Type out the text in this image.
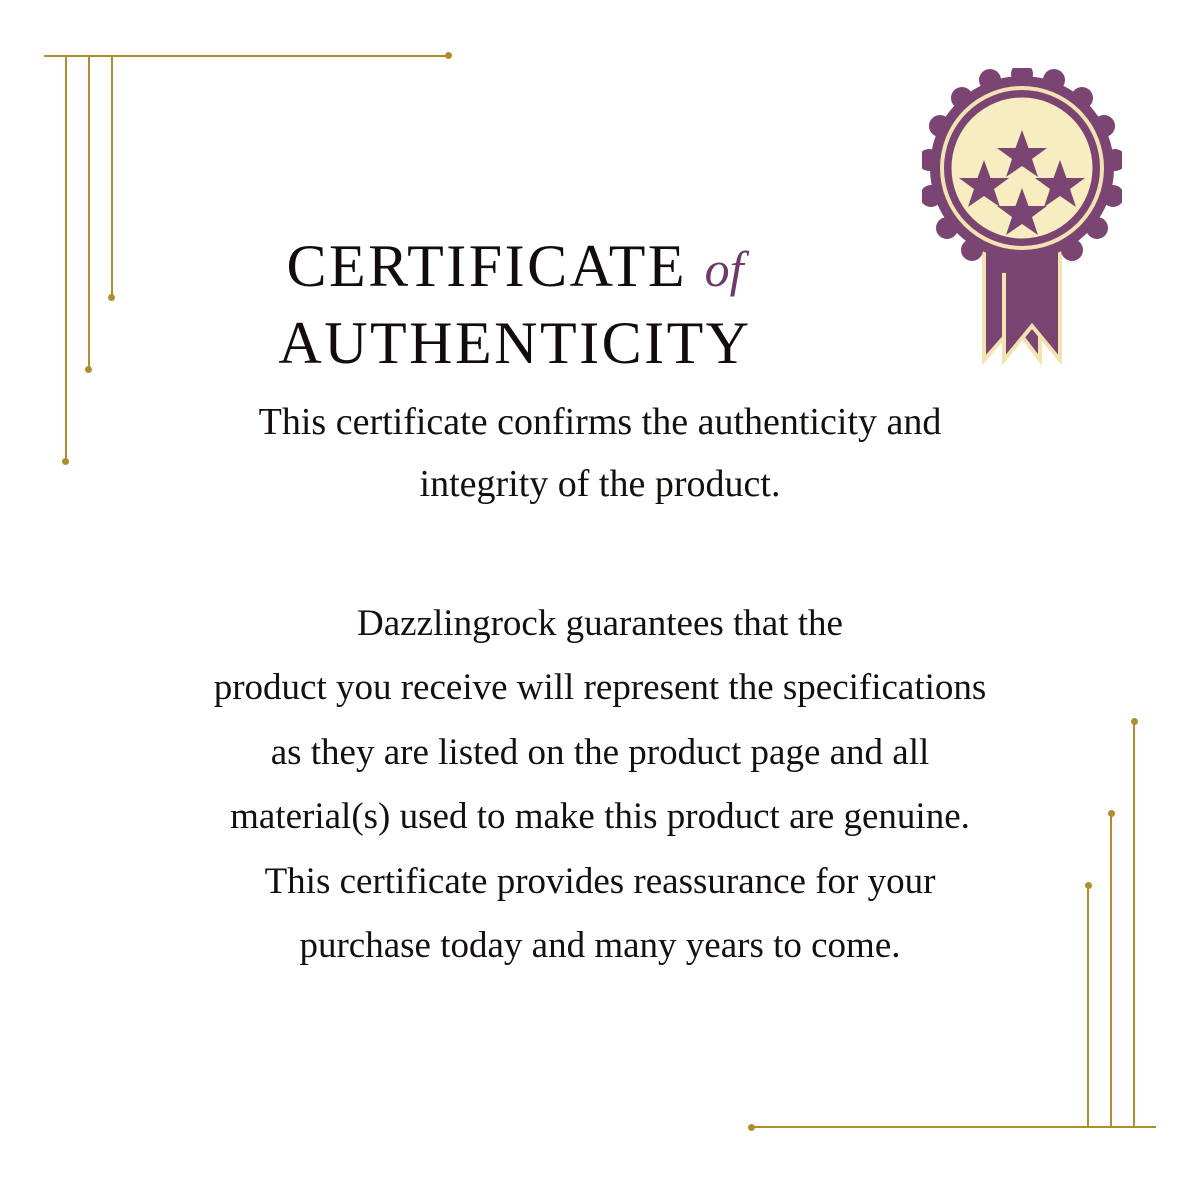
CERTIFICATE of
AUTHENTICITY
This certificate confirms the authenticity and
integrity of the product.

Dazzlingrock guarantees that the

product you receive will represent the specifications

as they are listed on the product page and all

material(s) used to make this product are genuine.

This certificate provides reassurance for your

purchase today and many years to come.
